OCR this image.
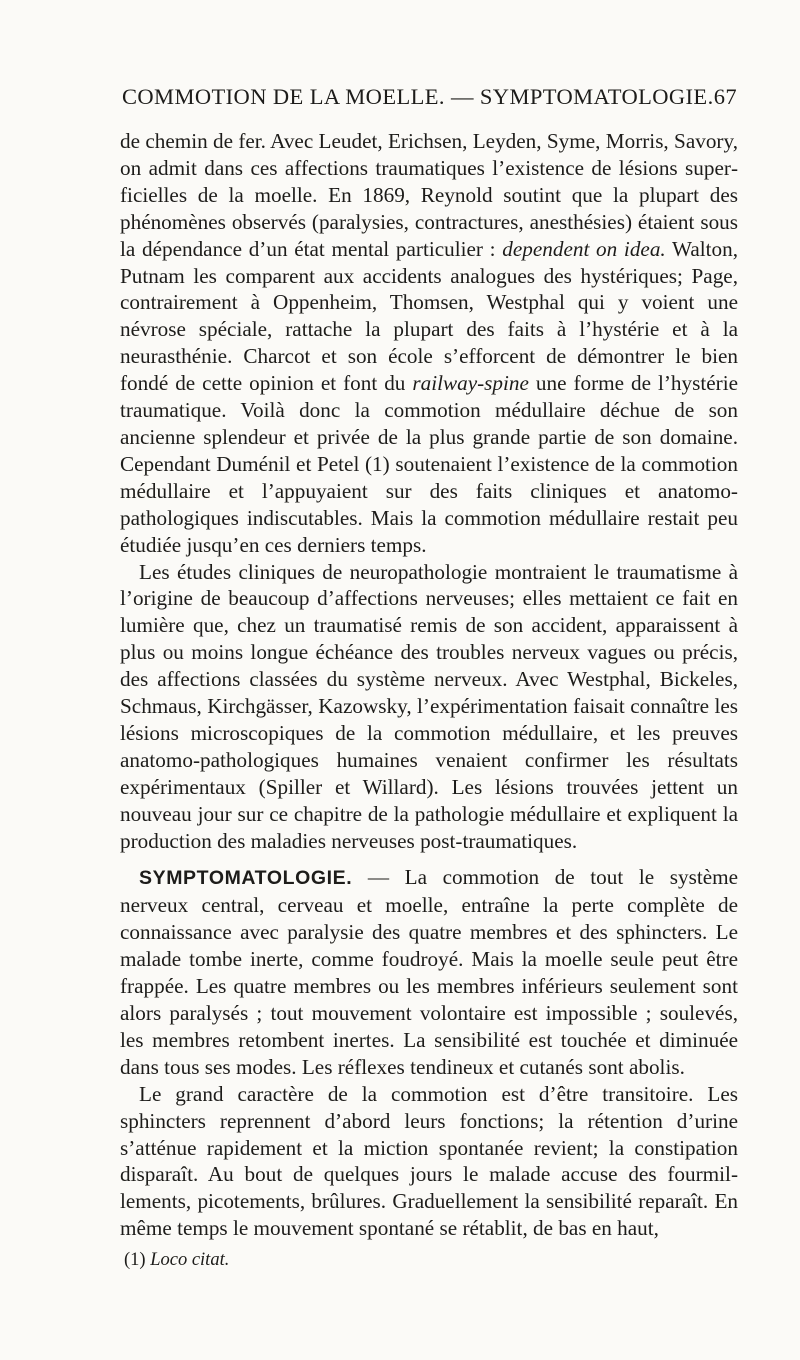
COMMOTION DE LA MOELLE. — SYMPTOMATOLOGIE. 67

de chemin de fer. Avec Leudet, Erichsen, Leyden, Syme, Morris, Savory, on admit dans ces affections traumatiques l’existence de lésions superficielles de la moelle. En 1869, Reynold soutint que la plupart des phénomènes observés (paralysies, contractures, anesthésies) étaient sous la dépendance d’un état mental particulier : dependent on idea. Walton, Putnam les comparent aux accidents analogues des hystériques; Page, contrairement à Oppenheim, Thomsen, Westphal qui y voient une névrose spéciale, rattache la plupart des faits à l’hystérie et à la neurasthénie. Charcot et son école s’efforcent de démontrer le bien fondé de cette opinion et font du railway-spine une forme de l’hystérie traumatique. Voilà donc la commotion médullaire déchue de son ancienne splendeur et privée de la plus grande partie de son domaine. Cependant Duménil et Petel (1) soutenaient l’existence de la commotion médullaire et l’appuyaient sur des faits cliniques et anatomo-pathologiques indiscutables. Mais la commotion médullaire restait peu étudiée jusqu’en ces derniers temps.

Les études cliniques de neuropathologie montraient le traumatisme à l’origine de beaucoup d’affections nerveuses; elles mettaient ce fait en lumière que, chez un traumatisé remis de son accident, apparaissent à plus ou moins longue échéance des troubles nerveux vagues ou précis, des affections classées du système nerveux. Avec Westphal, Bickeles, Schmaus, Kirchgässer, Kazowsky, l’expérimentation faisait connaître les lésions microscopiques de la commotion médullaire, et les preuves anatomo-pathologiques humaines venaient confirmer les résultats expérimentaux (Spiller et Willard). Les lésions trouvées jettent un nouveau jour sur ce chapitre de la pathologie médullaire et expliquent la production des maladies nerveuses post-traumatiques.

SYMPTOMATOLOGIE. — La commotion de tout le système nerveux central, cerveau et moelle, entraîne la perte complète de connaissance avec paralysie des quatre membres et des sphincters. Le malade tombe inerte, comme foudroyé. Mais la moelle seule peut être frappée. Les quatre membres ou les membres inférieurs seulement sont alors paralysés ; tout mouvement volontaire est impossible ; soulevés, les membres retombent inertes. La sensibilité est touchée et diminuée dans tous ses modes. Les réflexes tendineux et cutanés sont abolis.

Le grand caractère de la commotion est d’être transitoire. Les sphincters reprennent d’abord leurs fonctions; la rétention d’urine s’atténue rapidement et la miction spontanée revient; la constipation disparaît. Au bout de quelques jours le malade accuse des fourmillements, picotements, brûlures. Graduellement la sensibilité reparaît. En même temps le mouvement spontané se rétablit, de bas en haut,

(1) Loco citat.
